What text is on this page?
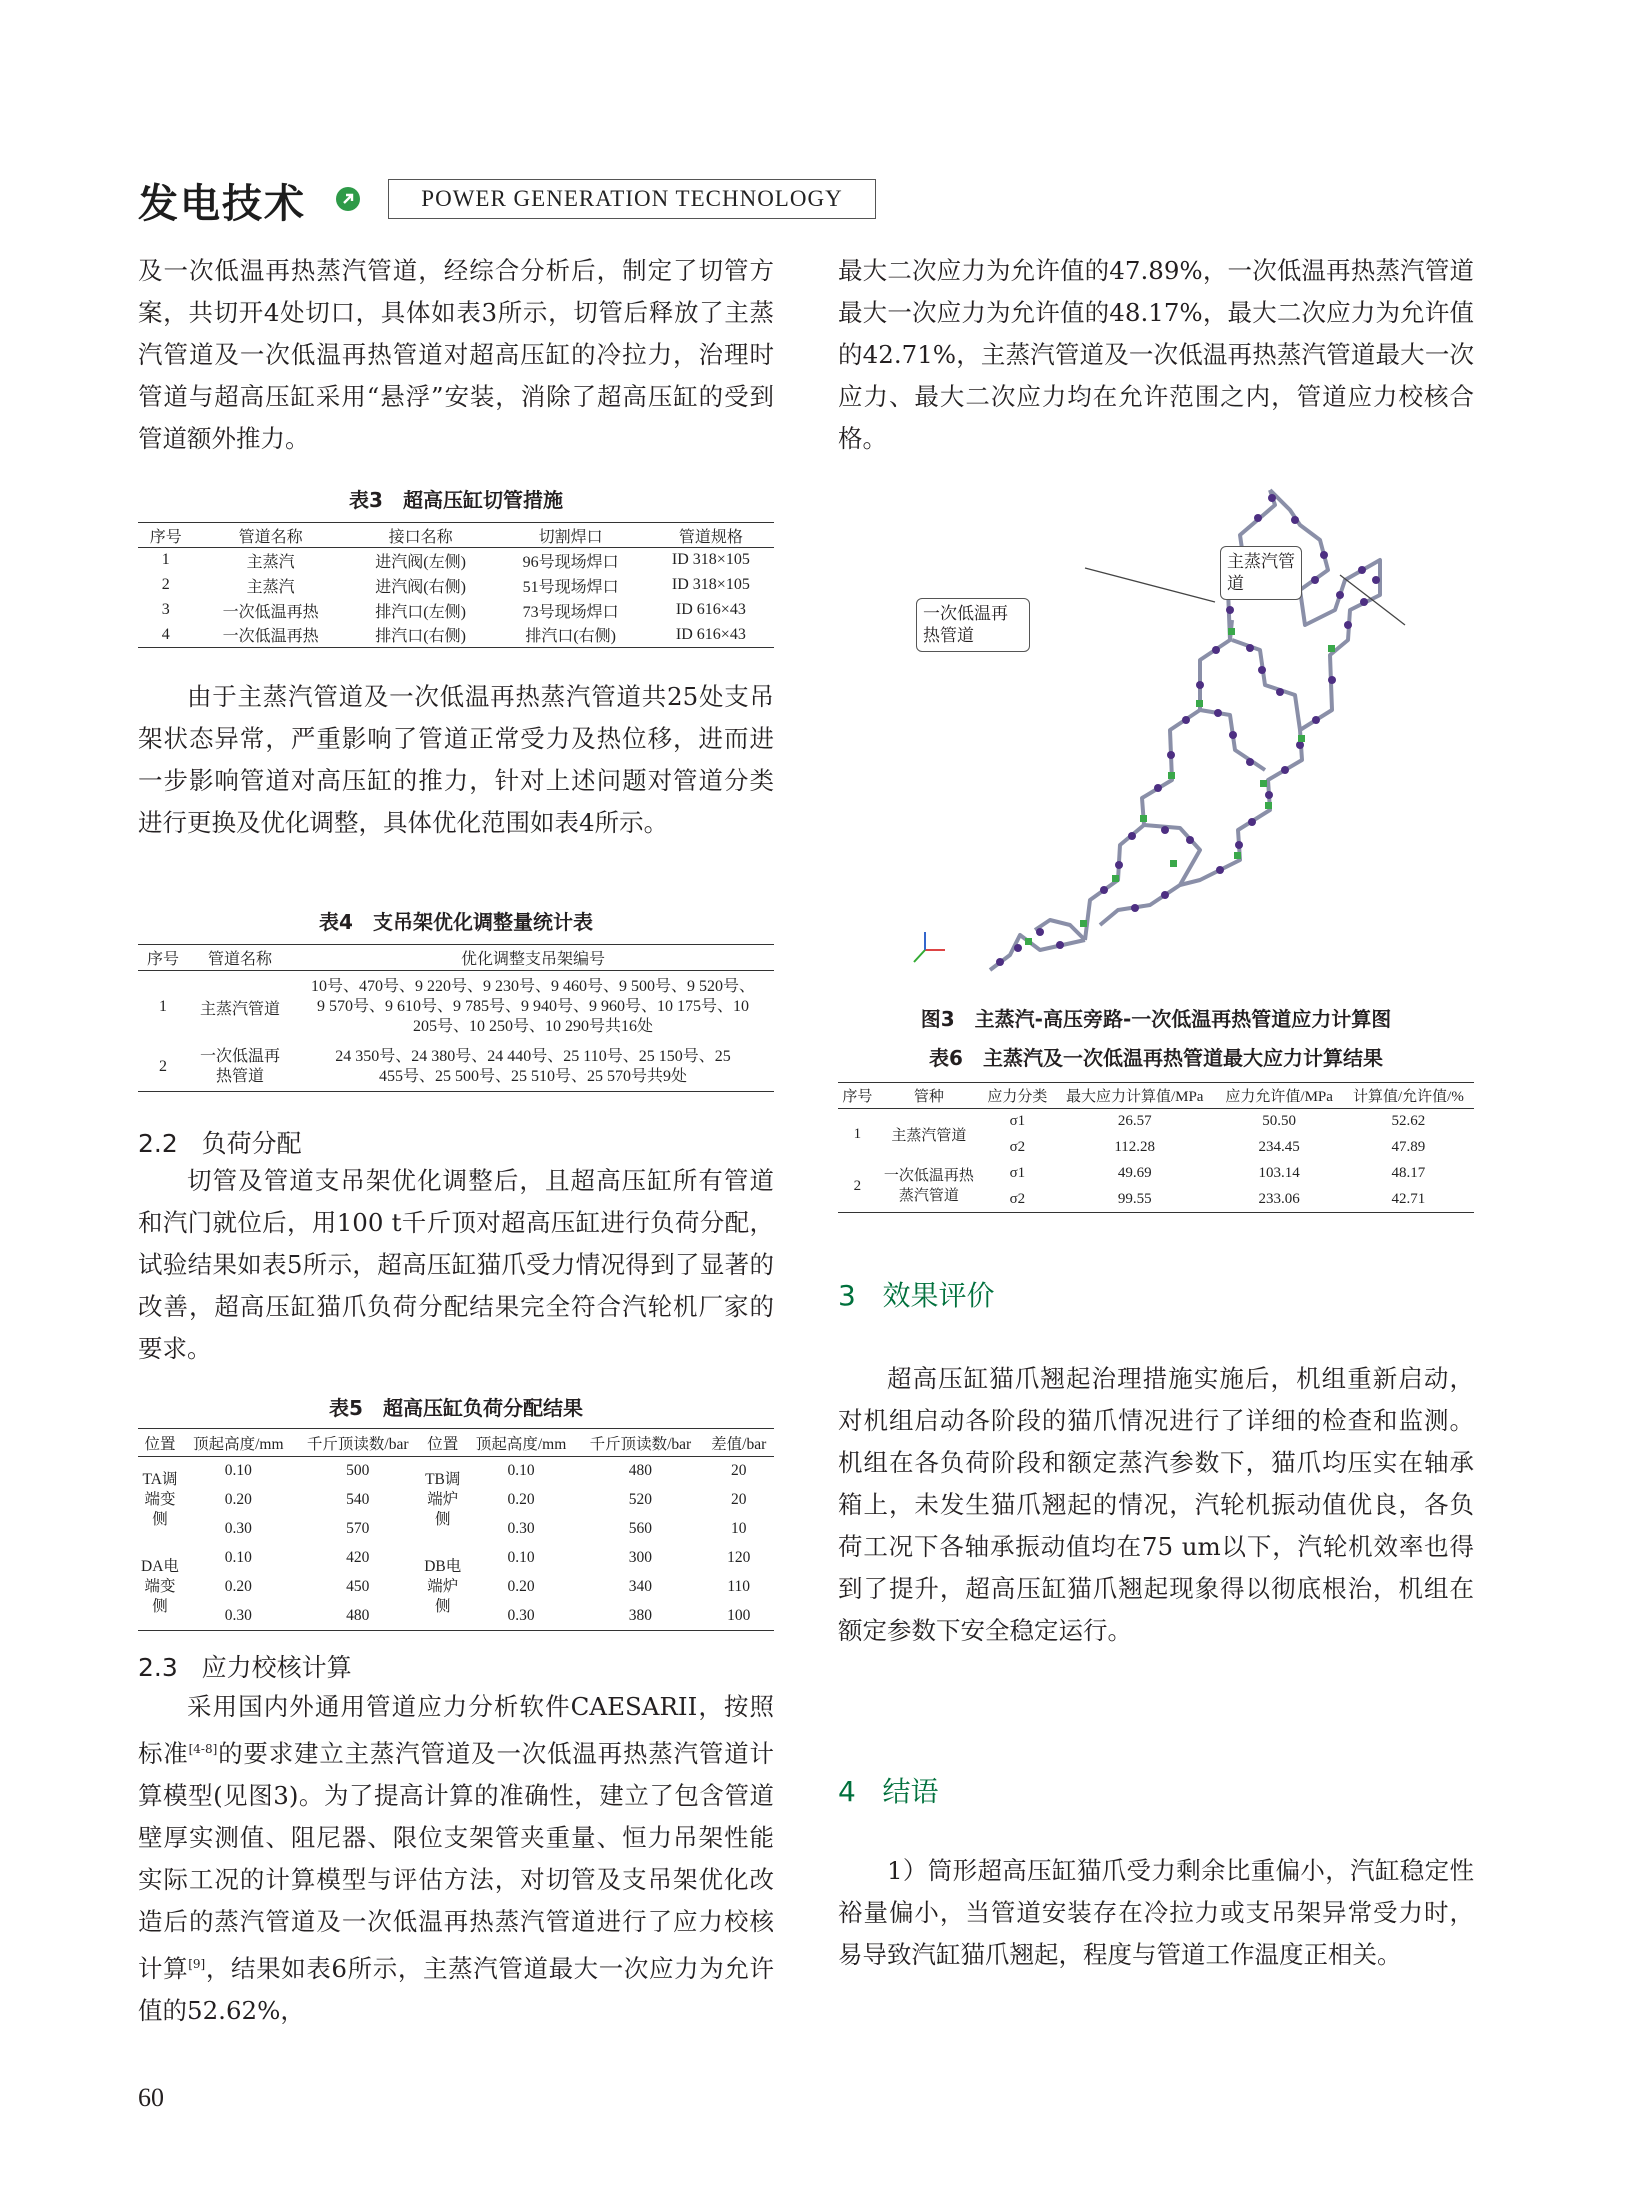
发电技术	POWER GENERATION TECHNOLOGY

及一次低温再热蒸汽管道，经综合分析后，制定了切管方案，共切开4处切口，具体如表3所示，切管后释放了主蒸汽管道及一次低温再热管道对超高压缸的冷拉力，治理时管道与超高压缸采用“悬浮”安装，消除了超高压缸的受到管道额外推力。

表3　超高压缸切管措施
序号	管道名称	接口名称	切割焊口	管道规格
1	主蒸汽	进汽阀(左侧)	96号现场焊口	ID 318×105
2	主蒸汽	进汽阀(右侧)	51号现场焊口	ID 318×105
3	一次低温再热	排汽口(左侧)	73号现场焊口	ID 616×43
4	一次低温再热	排汽口(右侧)	排汽口(右侧)	ID 616×43

由于主蒸汽管道及一次低温再热蒸汽管道共25处支吊架状态异常，严重影响了管道正常受力及热位移，进而进一步影响管道对高压缸的推力，针对上述问题对管道分类进行更换及优化调整，具体优化范围如表4所示。

表4　支吊架优化调整量统计表
序号	管道名称	优化调整支吊架编号
1	主蒸汽管道	10号、470号、9 220号、9 230号、9 460号、9 500号、9 520号、9 570号、9 610号、9 785号、9 940号、9 960号、10 175号、10 205号、10 250号、10 290号共16处
2	一次低温再热管道	24 350号、24 380号、24 440号、25 110号、25 150号、25 455号、25 500号、25 510号、25 570号共9处
2.2 负荷分配

切管及管道支吊架优化调整后，且超高压缸所有管道和汽门就位后，用100 t千斤顶对超高压缸进行负荷分配，试验结果如表5所示，超高压缸猫爪受力情况得到了显著的改善，超高压缸猫爪负荷分配结果完全符合汽轮机厂家的要求。

表5　超高压缸负荷分配结果
位置	顶起高度/mm	千斤顶读数/bar	位置	顶起高度/mm	千斤顶读数/bar	差值/bar
TA调端变侧	0.10	500	TB调端炉侧	0.10	480	20
	0.20	540		0.20	520	20
	0.30	570		0.30	560	10
DA电端变侧	0.10	420	DB电端炉侧	0.10	300	120
	0.20	450		0.20	340	110
	0.30	480		0.30	380	100
2.3 应力校核计算

采用国内外通用管道应力分析软件CAESARII，按照标准[4-8]的要求建立主蒸汽管道及一次低温再热蒸汽管道计算模型(见图3)。为了提高计算的准确性，建立了包含管道壁厚实测值、阻尼器、限位支架管夹重量、恒力吊架性能实际工况的计算模型与评估方法，对切管及支吊架优化改造后的蒸汽管道及一次低温再热蒸汽管道进行了应力校核计算[9]，结果如表6所示，主蒸汽管道最大一次应力为允许值的52.62%，

最大二次应力为允许值的47.89%，一次低温再热蒸汽管道最大一次应力为允许值的48.17%，最大二次应力为允许值的42.71%，主蒸汽管道及一次低温再热蒸汽管道最大一次应力、最大二次应力均在允许范围之内，管道应力校核合格。

一次低温再热管道
主蒸汽管道
图3　主蒸汽-高压旁路-一次低温再热管道应力计算图
表6　主蒸汽及一次低温再热管道最大应力计算结果
序号	管种	应力分类	最大应力计算值/MPa	应力允许值/MPa	计算值/允许值/%
1	主蒸汽管道	σ1	26.57	50.50	52.62
		σ2	112.28	234.45	47.89
2	一次低温再热蒸汽管道	σ1	49.69	103.14	48.17
		σ2	99.55	233.06	42.71
3 效果评价

超高压缸猫爪翘起治理措施实施后，机组重新启动，对机组启动各阶段的猫爪情况进行了详细的检查和监测。机组在各负荷阶段和额定蒸汽参数下，猫爪均压实在轴承箱上，未发生猫爪翘起的情况，汽轮机振动值优良，各负荷工况下各轴承振动值均在75 um以下，汽轮机效率也得到了提升，超高压缸猫爪翘起现象得以彻底根治，机组在额定参数下安全稳定运行。

4 结语

1）筒形超高压缸猫爪受力剩余比重偏小，汽缸稳定性裕量偏小，当管道安装存在冷拉力或支吊架异常受力时，易导致汽缸猫爪翘起，程度与管道工作温度正相关。

60
